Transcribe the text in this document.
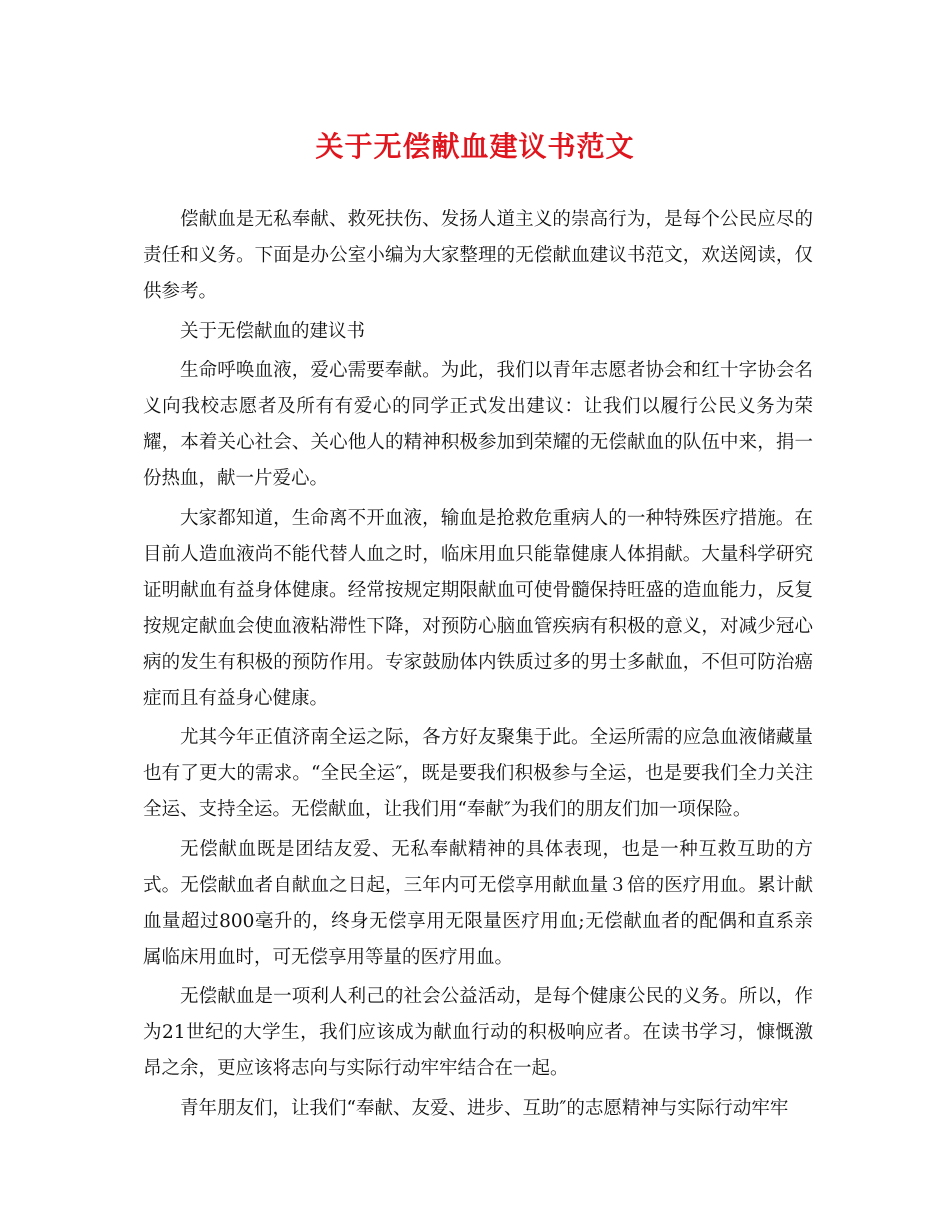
关于无偿献血建议书范文

偿献血是无私奉献、救死扶伤、发扬人道主义的崇高行为，是每个公民应尽的责任和义务。下面是办公室小编为大家整理的无偿献血建议书范文，欢送阅读，仅供参考。

关于无偿献血的建议书

生命呼唤血液，爱心需要奉献。为此，我们以青年志愿者协会和红十字协会名义向我校志愿者及所有有爱心的同学正式发出建议：让我们以履行公民义务为荣耀，本着关心社会、关心他人的精神积极参加到荣耀的无偿献血的队伍中来，捐一份热血，献一片爱心。

大家都知道，生命离不开血液，输血是抢救危重病人的一种特殊医疗措施。在目前人造血液尚不能代替人血之时，临床用血只能靠健康人体捐献。大量科学研究证明献血有益身体健康。经常按规定期限献血可使骨髓保持旺盛的造血能力，反复按规定献血会使血液粘滞性下降，对预防心脑血管疾病有积极的意义，对减少冠心病的发生有积极的预防作用。专家鼓励体内铁质过多的男士多献血，不但可防治癌症而且有益身心健康。

尤其今年正值济南全运之际，各方好友聚集于此。全运所需的应急血液储藏量也有了更大的需求。“全民全运″，既是要我们积极参与全运，也是要我们全力关注全运、支持全运。无偿献血，让我们用“奉献″为我们的朋友们加一项保险。

无偿献血既是团结友爱、无私奉献精神的具体表现，也是一种互救互助的方式。无偿献血者自献血之日起，三年内可无偿享用献血量３倍的医疗用血。累计献血量超过800毫升的，终身无偿享用无限量医疗用血;无偿献血者的配偶和直系亲属临床用血时，可无偿享用等量的医疗用血。

无偿献血是一项利人利己的社会公益活动，是每个健康公民的义务。所以，作为21世纪的大学生，我们应该成为献血行动的积极响应者。在读书学习，慷慨激昂之余，更应该将志向与实际行动牢牢结合在一起。

青年朋友们，让我们“奉献、友爱、进步、互助″的志愿精神与实际行动牢牢
